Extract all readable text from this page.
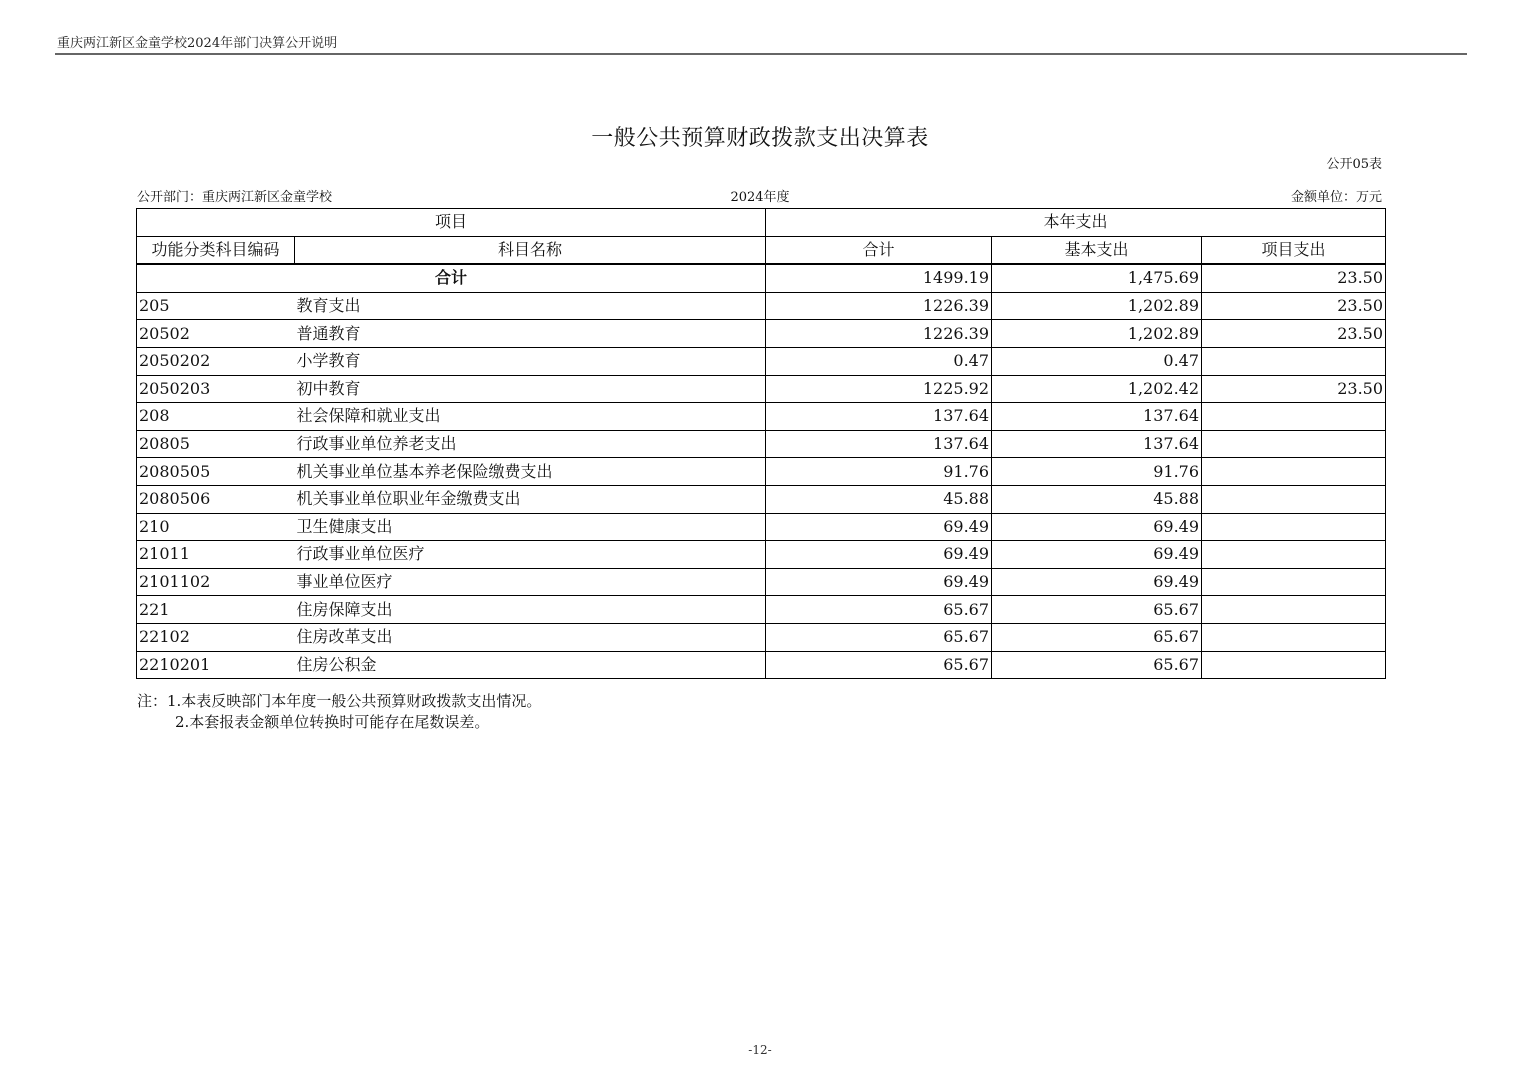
重庆两江新区金童学校2024年部门决算公开说明
一般公共预算财政拨款支出决算表
公开05表
公开部门：重庆两江新区金童学校	2024年度	金额单位：万元
项目		本年支出		
功能分类科目编码	科目名称	合计	基本支出	项目支出
合计		1499.19	1,475.69	23.50
205	教育支出	1226.39	1,202.89	23.50
20502	普通教育	1226.39	1,202.89	23.50
2050202	小学教育	0.47	0.47	
2050203	初中教育	1225.92	1,202.42	23.50
208	社会保障和就业支出	137.64	137.64	
20805	行政事业单位养老支出	137.64	137.64	
2080505	机关事业单位基本养老保险缴费支出	91.76	91.76	
2080506	机关事业单位职业年金缴费支出	45.88	45.88	
210	卫生健康支出	69.49	69.49	
21011	行政事业单位医疗	69.49	69.49	
2101102	事业单位医疗	69.49	69.49	
221	住房保障支出	65.67	65.67	
22102	住房改革支出	65.67	65.67	
2210201	住房公积金	65.67	65.67	
注：1.本表反映部门本年度一般公共预算财政拨款支出情况。
2.本套报表金额单位转换时可能存在尾数误差。
-12-
